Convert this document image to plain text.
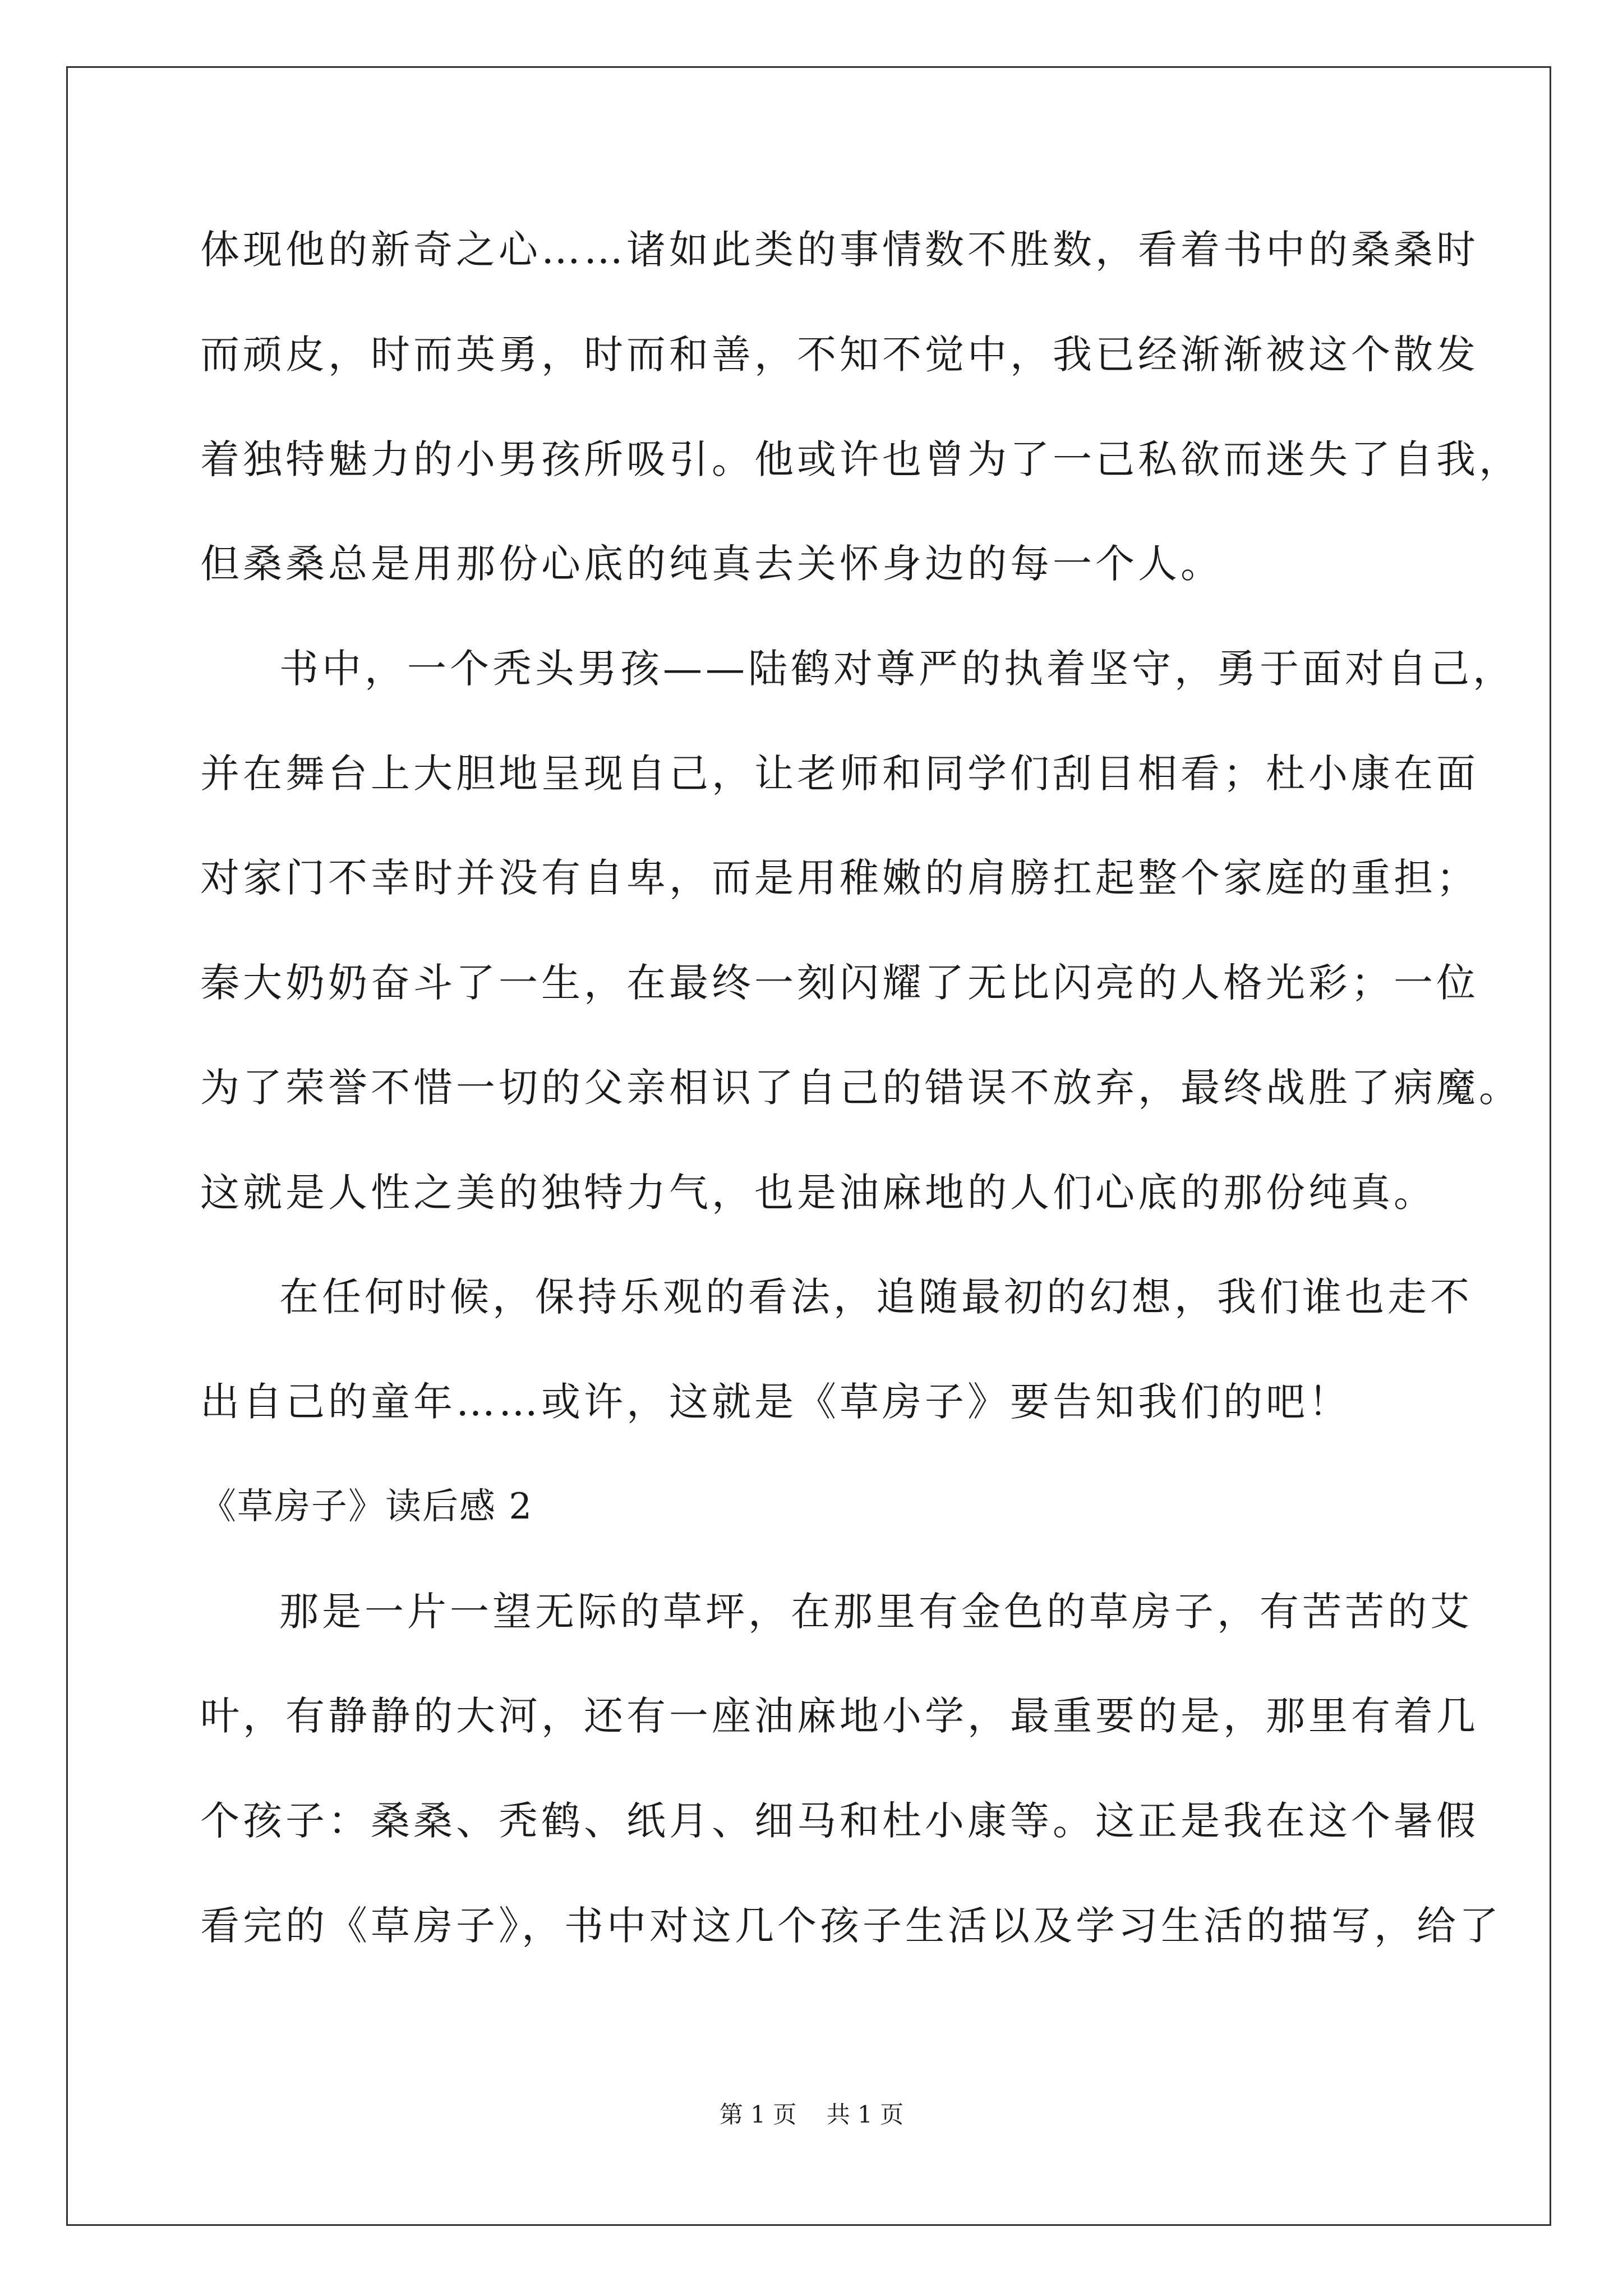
体现他的新奇之心……诸如此类的事情数不胜数，看着书中的桑桑时
而顽皮，时而英勇，时而和善，不知不觉中，我已经渐渐被这个散发
着独特魅力的小男孩所吸引。他或许也曾为了一己私欲而迷失了自我，
但桑桑总是用那份心底的纯真去关怀身边的每一个人。
书中，一个秃头男孩——陆鹤对尊严的执着坚守，勇于面对自己，
并在舞台上大胆地呈现自己，让老师和同学们刮目相看；杜小康在面
对家门不幸时并没有自卑，而是用稚嫩的肩膀扛起整个家庭的重担；
秦大奶奶奋斗了一生，在最终一刻闪耀了无比闪亮的人格光彩；一位
为了荣誉不惜一切的父亲相识了自己的错误不放弃，最终战胜了病魔。
这就是人性之美的独特力气，也是油麻地的人们心底的那份纯真。
在任何时候，保持乐观的看法，追随最初的幻想，我们谁也走不
出自己的童年……或许，这就是《草房子》要告知我们的吧！
《草房子》读后感 2
那是一片一望无际的草坪，在那里有金色的草房子，有苦苦的艾
叶，有静静的大河，还有一座油麻地小学，最重要的是，那里有着几
个孩子：桑桑、秃鹤、纸月、细马和杜小康等。这正是我在这个暑假
看完的《草房子》，书中对这几个孩子生活以及学习生活的描写，给了
第 1 页    共 1 页
